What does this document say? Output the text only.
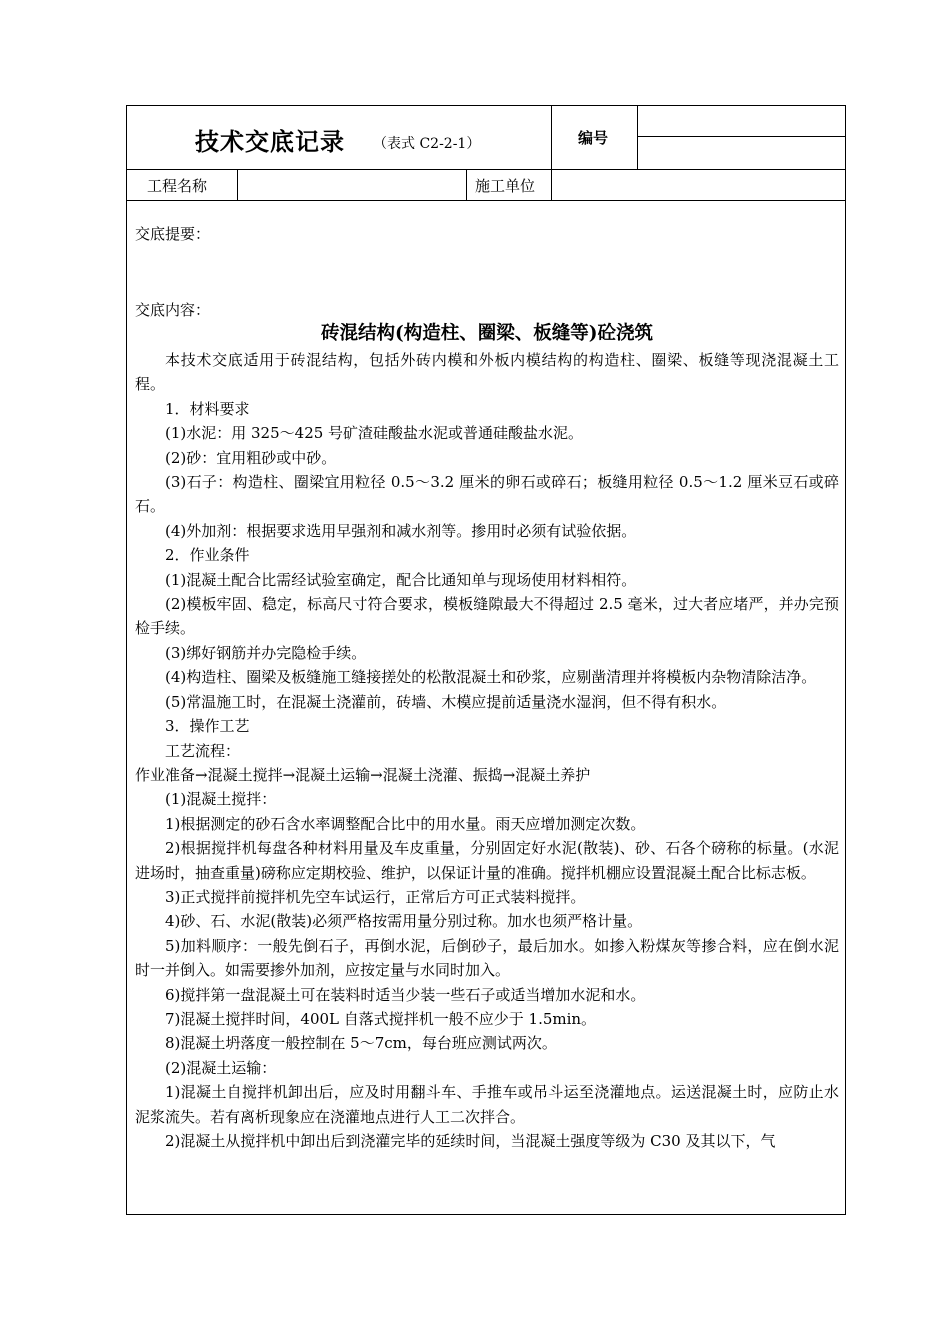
技术交底记录 （表式 C2-2-1）	编号
工程名称	施工单位
交底提要：
交底内容：
砖混结构(构造柱、圈梁、板缝等)砼浇筑

本技术交底适用于砖混结构，包括外砖内模和外板内模结构的构造柱、圈梁、板缝等现浇混凝土工程。

1．材料要求

(1)水泥：用 325～425 号矿渣硅酸盐水泥或普通硅酸盐水泥。

(2)砂：宜用粗砂或中砂。

(3)石子：构造柱、圈梁宜用粒径 0.5～3.2 厘米的卵石或碎石；板缝用粒径 0.5～1.2 厘米豆石或碎石。

(4)外加剂：根据要求选用早强剂和减水剂等。掺用时必须有试验依据。

2．作业条件

(1)混凝土配合比需经试验室确定，配合比通知单与现场使用材料相符。

(2)模板牢固、稳定，标高尺寸符合要求，模板缝隙最大不得超过 2.5 毫米，过大者应堵严，并办完预检手续。

(3)绑好钢筋并办完隐检手续。

(4)构造柱、圈梁及板缝施工缝接搓处的松散混凝土和砂浆，应剔凿清理并将模板内杂物清除洁净。

(5)常温施工时，在混凝土浇灌前，砖墙、木模应提前适量浇水湿润，但不得有积水。

3．操作工艺

工艺流程：

作业准备→混凝土搅拌→混凝土运输→混凝土浇灌、振捣→混凝土养护

(1)混凝土搅拌：

1)根据测定的砂石含水率调整配合比中的用水量。雨天应增加测定次数。

2)根据搅拌机每盘各种材料用量及车皮重量，分别固定好水泥(散装)、砂、石各个磅称的标量。(水泥进场时，抽查重量)磅称应定期校验、维护，以保证计量的准确。搅拌机棚应设置混凝土配合比标志板。

3)正式搅拌前搅拌机先空车试运行，正常后方可正式装料搅拌。

4)砂、石、水泥(散装)必须严格按需用量分别过称。加水也须严格计量。

5)加料顺序：一般先倒石子，再倒水泥，后倒砂子，最后加水。如掺入粉煤灰等掺合料，应在倒水泥时一并倒入。如需要掺外加剂，应按定量与水同时加入。

6)搅拌第一盘混凝土可在装料时适当少装一些石子或适当增加水泥和水。

7)混凝土搅拌时间，400L 自落式搅拌机一般不应少于 1.5min。

8)混凝土坍落度一般控制在 5～7cm，每台班应测试两次。

(2)混凝土运输：

1)混凝土自搅拌机卸出后，应及时用翻斗车、手推车或吊斗运至浇灌地点。运送混凝土时，应防止水泥浆流失。若有离析现象应在浇灌地点进行人工二次拌合。

2)混凝土从搅拌机中卸出后到浇灌完毕的延续时间，当混凝土强度等级为 C30 及其以下，气
